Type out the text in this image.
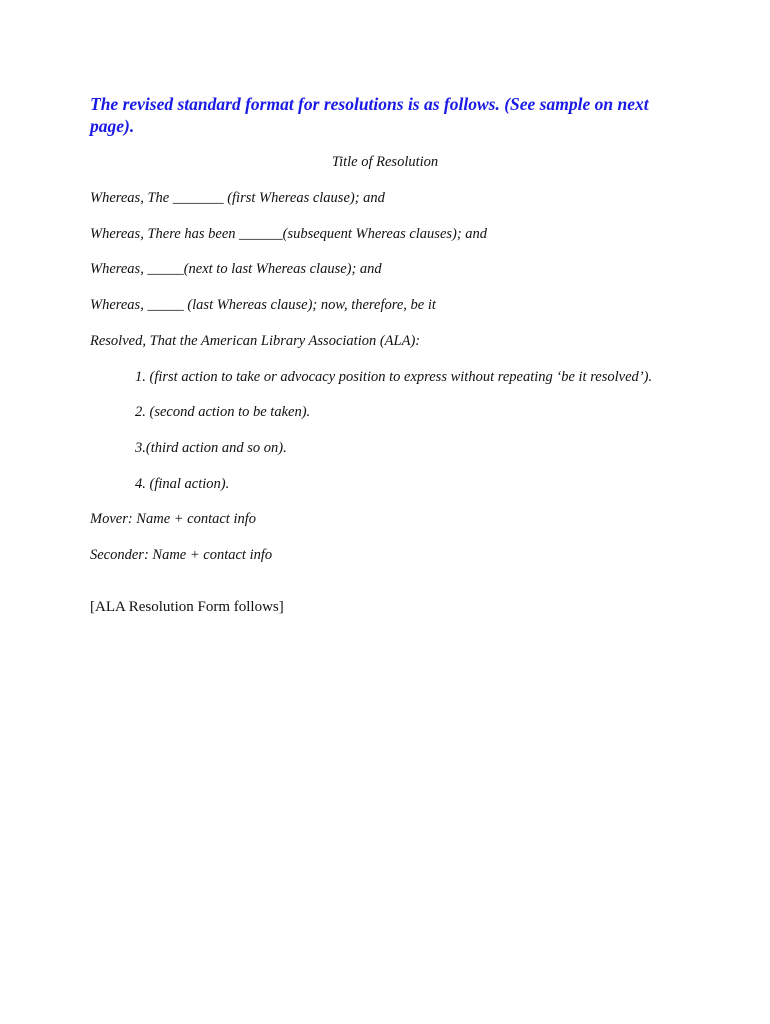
The revised standard format for resolutions is as follows. (See sample on next page).

Title of Resolution

Whereas, The _______ (first Whereas clause); and

Whereas, There has been ______(subsequent Whereas clauses); and

Whereas, _____(next to last Whereas clause); and

Whereas, _____ (last Whereas clause); now, therefore, be it

Resolved, That the American Library Association (ALA):

1. (first action to take or advocacy position to express without repeating ‘be it resolved’).

2. (second action to be taken).

3.(third action and so on).

4. (final action).

Mover: Name + contact info

Seconder: Name + contact info

[ALA Resolution Form follows]
